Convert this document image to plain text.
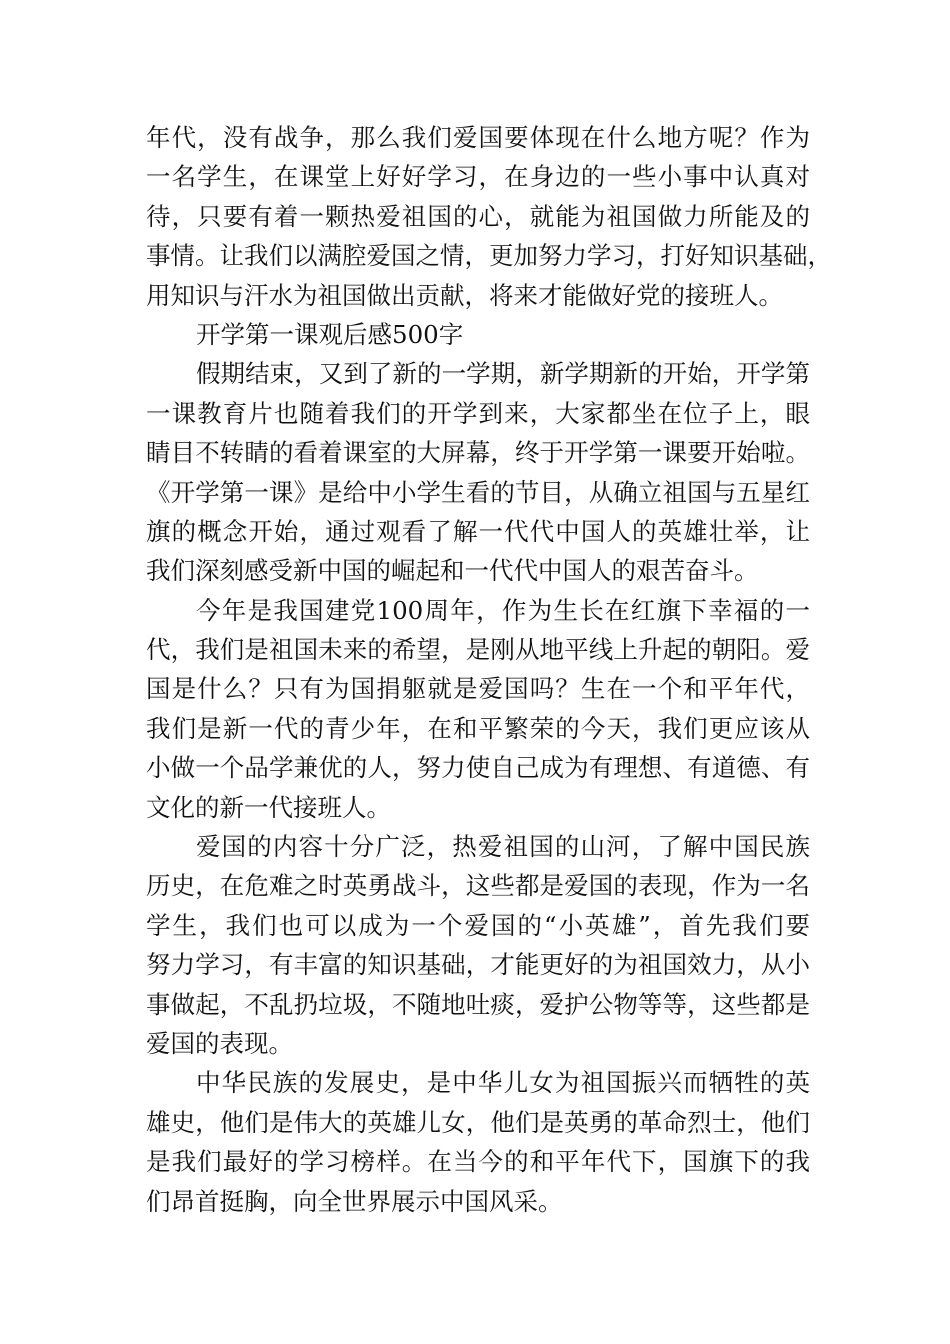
年代，没有战争，那么我们爱国要体现在什么地方呢？作为
一名学生，在课堂上好好学习，在身边的一些小事中认真对
待，只要有着一颗热爱祖国的心，就能为祖国做力所能及的
事情。让我们以满腔爱国之情，更加努力学习，打好知识基础，
用知识与汗水为祖国做出贡献，将来才能做好党的接班人。
开学第一课观后感500字
假期结束，又到了新的一学期，新学期新的开始，开学第
一课教育片也随着我们的开学到来，大家都坐在位子上，眼
睛目不转睛的看着课室的大屏幕，终于开学第一课要开始啦。
《开学第一课》是给中小学生看的节目，从确立祖国与五星红
旗的概念开始，通过观看了解一代代中国人的英雄壮举，让
我们深刻感受新中国的崛起和一代代中国人的艰苦奋斗。
今年是我国建党100周年，作为生长在红旗下幸福的一
代，我们是祖国未来的希望，是刚从地平线上升起的朝阳。爱
国是什么？只有为国捐躯就是爱国吗？生在一个和平年代，
我们是新一代的青少年，在和平繁荣的今天，我们更应该从
小做一个品学兼优的人，努力使自己成为有理想、有道德、有
文化的新一代接班人。
爱国的内容十分广泛，热爱祖国的山河，了解中国民族
历史，在危难之时英勇战斗，这些都是爱国的表现，作为一名
学生，我们也可以成为一个爱国的“小英雄”，首先我们要
努力学习，有丰富的知识基础，才能更好的为祖国效力，从小
事做起，不乱扔垃圾，不随地吐痰，爱护公物等等，这些都是
爱国的表现。
中华民族的发展史，是中华儿女为祖国振兴而牺牲的英
雄史，他们是伟大的英雄儿女，他们是英勇的革命烈士，他们
是我们最好的学习榜样。在当今的和平年代下，国旗下的我
们昂首挺胸，向全世界展示中国风采。
